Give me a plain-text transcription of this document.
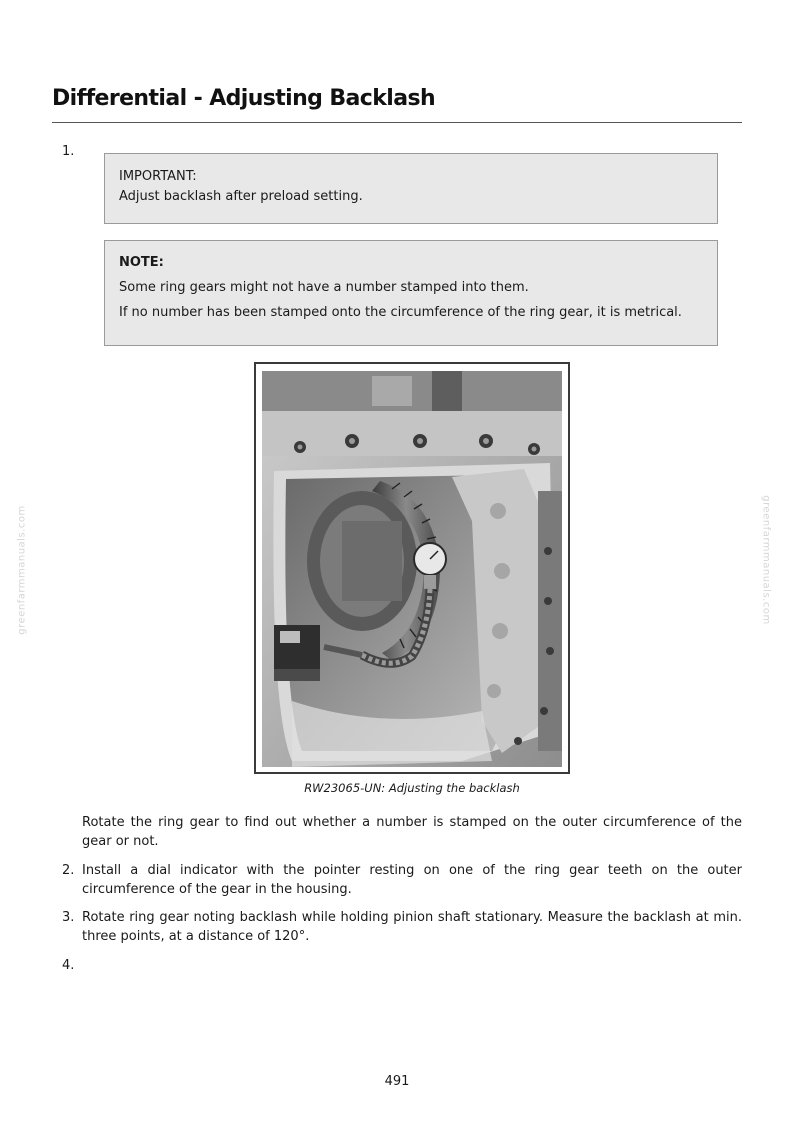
Differential - Adjusting Backlash
1.

IMPORTANT:

Adjust backlash after preload setting.

NOTE:

Some ring gears might not have a number stamped into them.

If no number has been stamped onto the circumference of the ring gear, it is metrical.

RW23065-UN: Adjusting the backlash

Rotate the ring gear to find out whether a number is stamped on the outer circumference of the gear or not.

2. Install a dial indicator with the pointer resting on one of the ring gear teeth on the outer circumference of the gear in the housing.

3. Rotate ring gear noting backlash while holding pinion shaft stationary. Measure the backlash at min. three points, at a distance of 120°.

4.
greenfarmmanuals.com	greenfarmmanuals.com
491
